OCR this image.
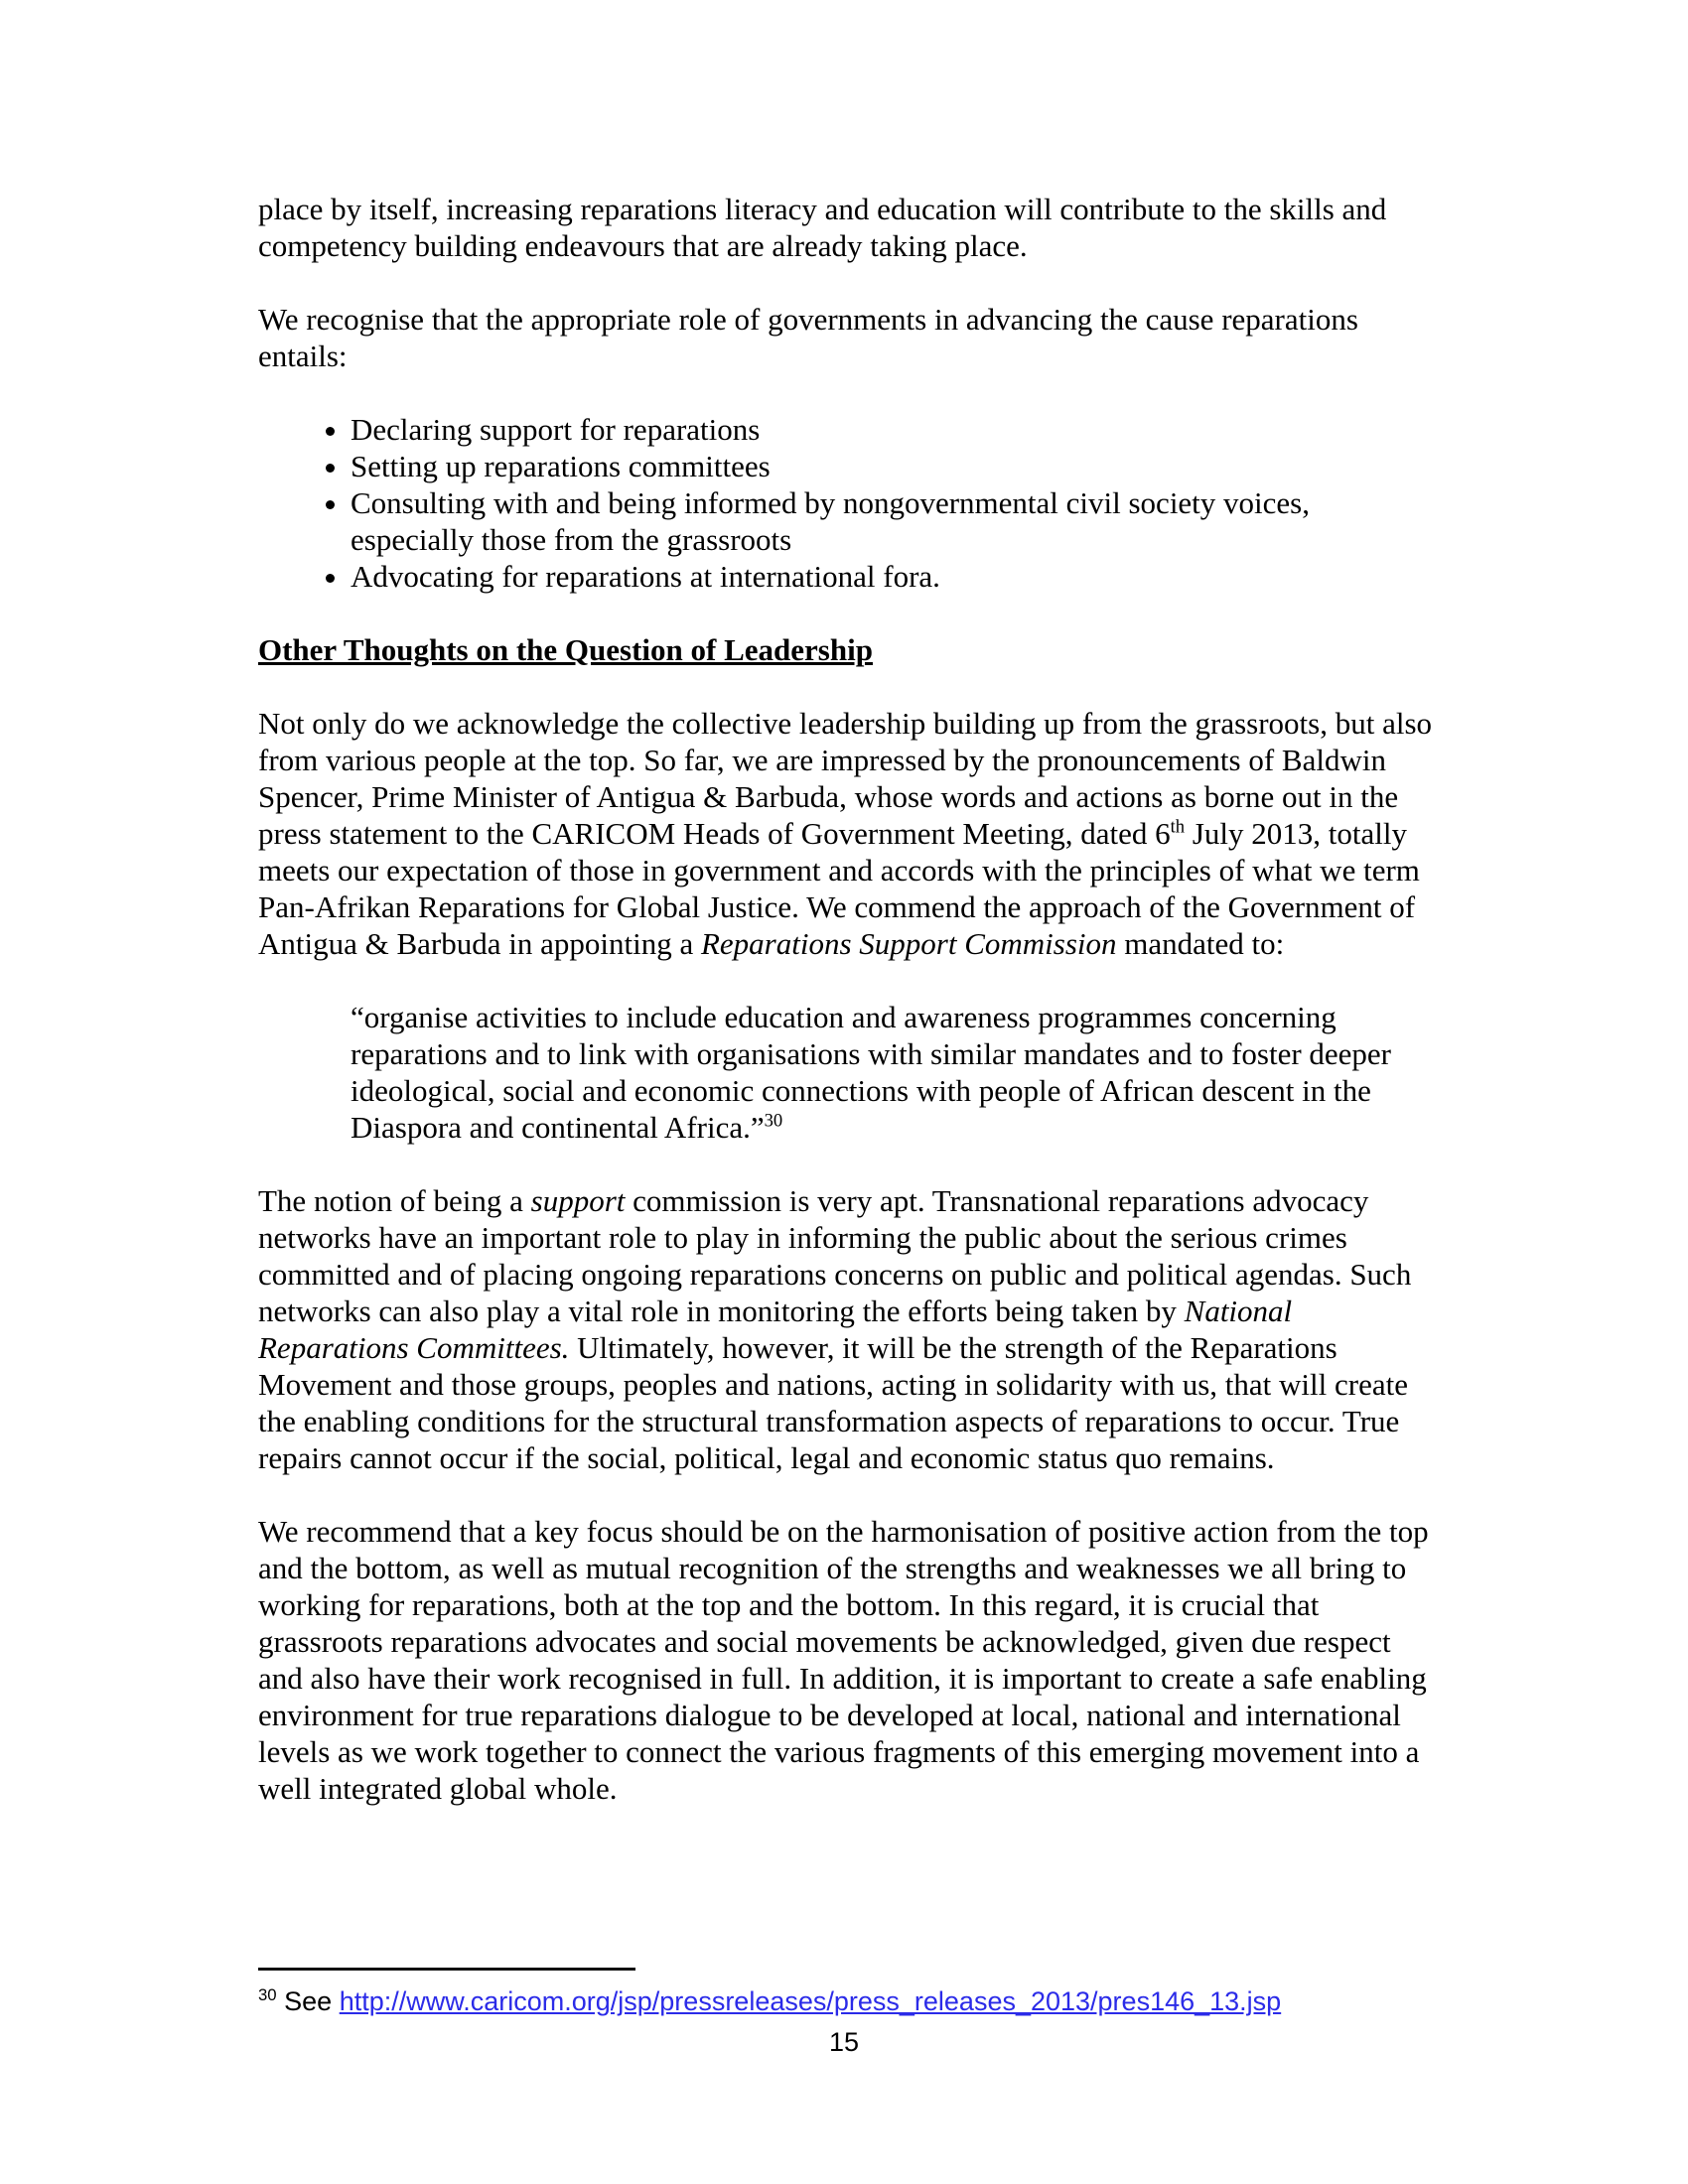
place by itself, increasing reparations literacy and education will contribute to the skills and competency building endeavours that are already taking place.

We recognise that the appropriate role of governments in advancing the cause reparations entails:

• Declaring support for reparations
• Setting up reparations committees
• Consulting with and being informed by nongovernmental civil society voices, especially those from the grassroots
• Advocating for reparations at international fora.
Other Thoughts on the Question of Leadership

Not only do we acknowledge the collective leadership building up from the grassroots, but also from various people at the top. So far, we are impressed by the pronouncements of Baldwin Spencer, Prime Minister of Antigua & Barbuda, whose words and actions as borne out in the press statement to the CARICOM Heads of Government Meeting, dated 6th July 2013, totally meets our expectation of those in government and accords with the principles of what we term Pan-Afrikan Reparations for Global Justice. We commend the approach of the Government of Antigua & Barbuda in appointing a Reparations Support Commission mandated to:

“organise activities to include education and awareness programmes concerning reparations and to link with organisations with similar mandates and to foster deeper ideological, social and economic connections with people of African descent in the Diaspora and continental Africa.”$^{30}$

The notion of being a support commission is very apt. Transnational reparations advocacy networks have an important role to play in informing the public about the serious crimes committed and of placing ongoing reparations concerns on public and political agendas. Such networks can also play a vital role in monitoring the efforts being taken by National Reparations Committees. Ultimately, however, it will be the strength of the Reparations Movement and those groups, peoples and nations, acting in solidarity with us, that will create the enabling conditions for the structural transformation aspects of reparations to occur. True repairs cannot occur if the social, political, legal and economic status quo remains.

We recommend that a key focus should be on the harmonisation of positive action from the top and the bottom, as well as mutual recognition of the strengths and weaknesses we all bring to working for reparations, both at the top and the bottom. In this regard, it is crucial that grassroots reparations advocates and social movements be acknowledged, given due respect and also have their work recognised in full. In addition, it is important to create a safe enabling environment for true reparations dialogue to be developed at local, national and international levels as we work together to connect the various fragments of this emerging movement into a well integrated global whole.

$^{30}$ See http://www.caricom.org/jsp/pressreleases/press_releases_2013/pres146_13.jsp
15
